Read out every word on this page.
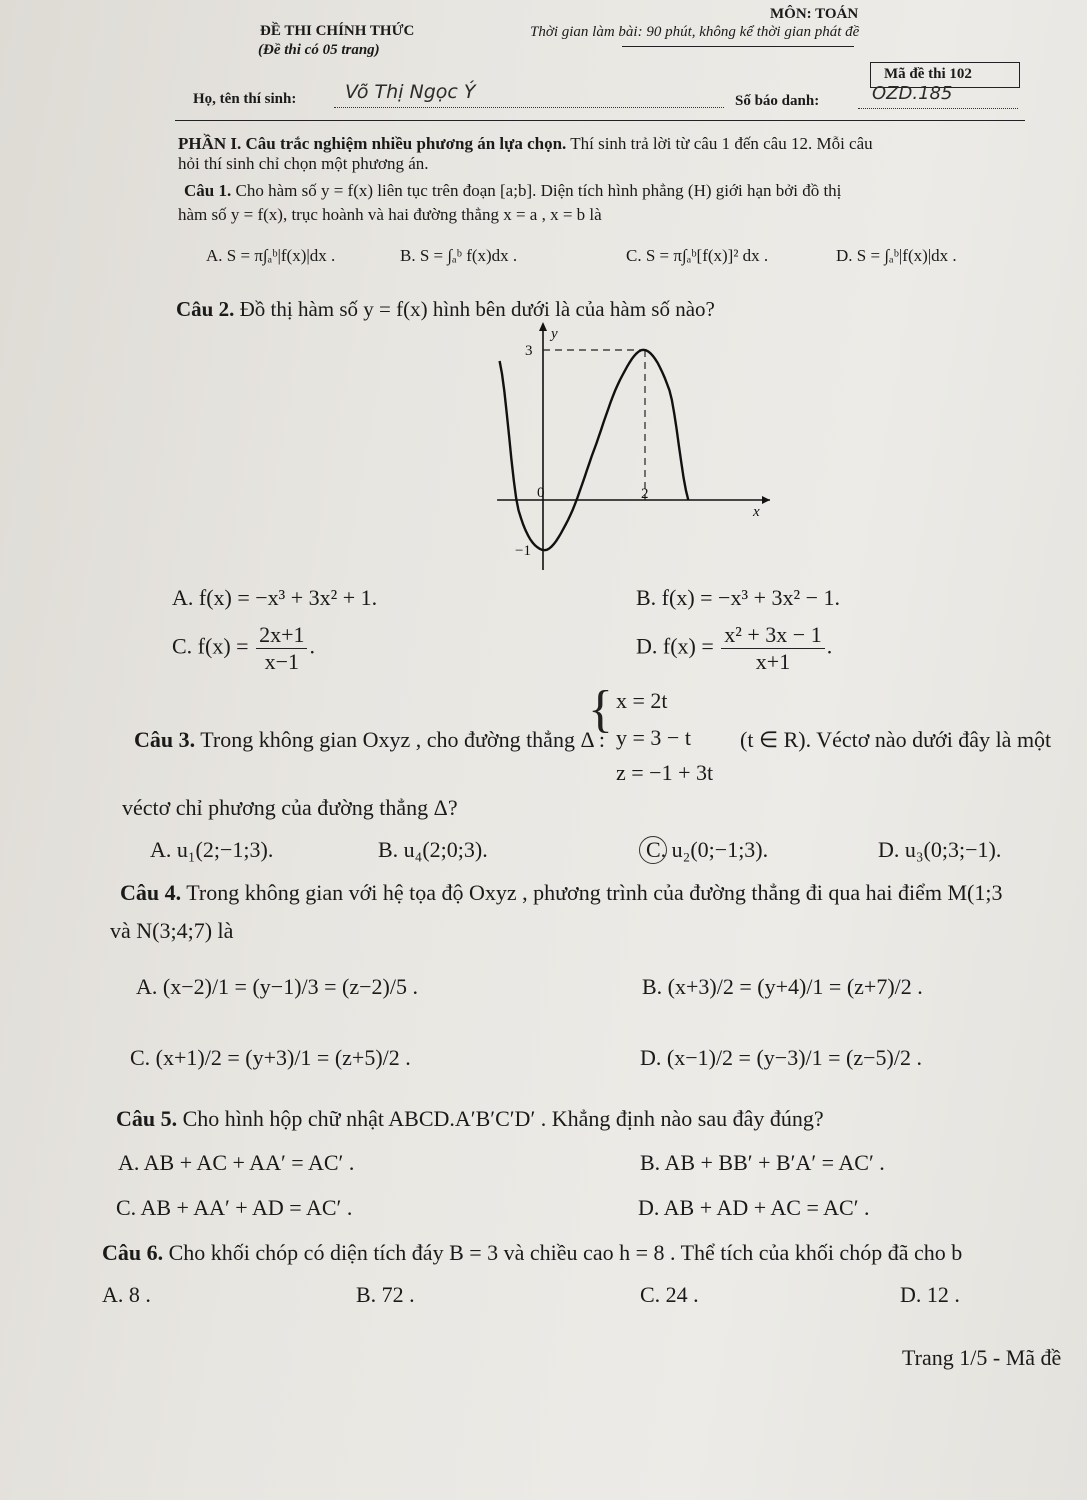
MÔN: TOÁN
ĐỀ THI CHÍNH THỨC
(Đề thi có 05 trang)
Thời gian làm bài: 90 phút, không kể thời gian phát đề
Mã đề thi 102
Họ, tên thí sinh:	Võ Thị Ngọc Ý	Số báo danh:	OZD.185
PHẦN I. Câu trắc nghiệm nhiều phương án lựa chọn. Thí sinh trả lời từ câu 1 đến câu 12. Mỗi câu
hỏi thí sinh chỉ chọn một phương án.
Câu 1. Cho hàm số y = f(x) liên tục trên đoạn [a;b]. Diện tích hình phẳng (H) giới hạn bởi đồ thị
hàm số y = f(x), trục hoành và hai đường thẳng x = a , x = b là
A. S = π∫ₐᵇ|f(x)|dx .	B. S = ∫ₐᵇ f(x)dx .	C. S = π∫ₐᵇ[f(x)]² dx .	D. S = ∫ₐᵇ|f(x)|dx .
Câu 2. Đồ thị hàm số y = f(x) hình bên dưới là của hàm số nào?
y
x
3
0	2
−1
A. f(x) = −x³ + 3x² + 1.	B. f(x) = −x³ + 3x² − 1.
C. $f(x) = \frac{2x+1}{x-1}$ .	D. $f(x) = \frac{\text{x² + 3x − 1}}{x+1}$ .
Câu 3. Trong không gian Oxyz , cho đường thẳng Δ :
{ x = 2t
y = 3 − t
z = −1 + 3t
(t ∈ R). Véctơ nào dưới đây là một
véctơ chỉ phương của đường thẳng Δ?
A. u₁(2;−1;3).	B. u₄(2;0;3).	C. u₂(0;−1;3).	D. u₃(0;3;−1).
Câu 4. Trong không gian với hệ tọa độ Oxyz , phương trình của đường thẳng đi qua hai điểm M(1;3
và N(3;4;7) là
A. (x−2)/1 = (y−1)/3 = (z−2)/5 .	B. (x+3)/2 = (y+4)/1 = (z+7)/2 .
C. (x+1)/2 = (y+3)/1 = (z+5)/2 .	D. (x−1)/2 = (y−3)/1 = (z−5)/2 .
Câu 5. Cho hình hộp chữ nhật ABCD.A′B′C′D′ . Khẳng định nào sau đây đúng?
A. AB + AC + AA′ = AC′ .	B. AB + BB′ + B′A′ = AC′ .
C. AB + AA′ + AD = AC′ .	D. AB + AD + AC = AC′ .
Câu 6. Cho khối chóp có diện tích đáy B = 3 và chiều cao h = 8 . Thể tích của khối chóp đã cho b
A. 8 .	B. 72 .	C. 24 .	D. 12 .
Trang 1/5 - Mã đề
